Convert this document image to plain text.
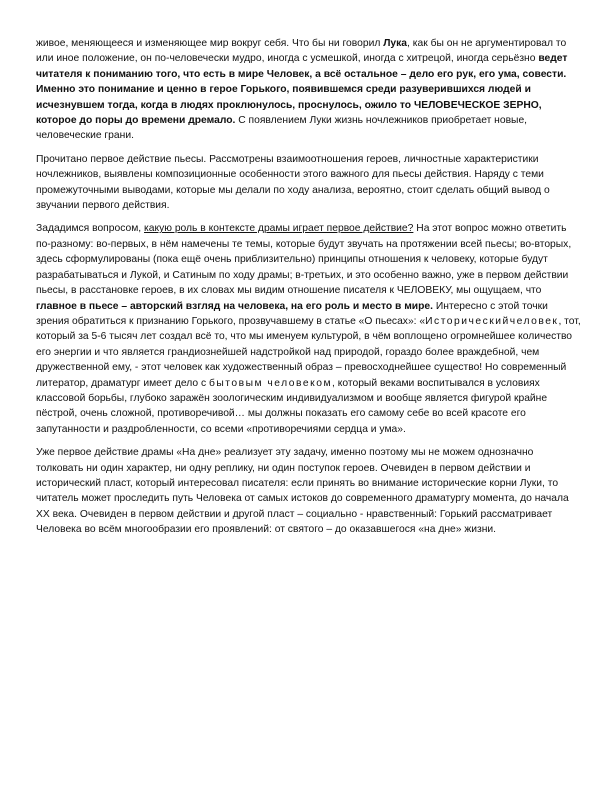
живое, меняющееся и изменяющее мир вокруг себя. Что бы ни говорил Лука, как бы он не аргументировал то или иное положение, он по-человечески мудро, иногда с усмешкой, иногда с хитрецой, иногда серьёзно ведет читателя к пониманию того, что есть в мире Человек, а всё остальное – дело его рук, его ума, совести. Именно это понимание и ценно в герое Горького, появившемся среди разуверившихся людей и исчезнувшем тогда, когда в людях проклюнулось, проснулось, ожило то ЧЕЛОВЕЧЕСКОЕ ЗЕРНО, которое до поры до времени дремало. С появлением Луки жизнь ночлежников приобретает новые, человеческие грани.

Прочитано первое действие пьесы. Рассмотрены взаимоотношения героев, личностные характеристики ночлежников, выявлены композиционные особенности этого важного для пьесы действия. Наряду с теми промежуточными выводами, которые мы делали по ходу анализа, вероятно, стоит сделать общий вывод о звучании первого действия.

Зададимся вопросом, какую роль в контексте драмы играет первое действие? На этот вопрос можно ответить по-разному: во-первых, в нём намечены те темы, которые будут звучать на протяжении всей пьесы; во-вторых, здесь сформулированы (пока ещё очень приблизительно) принципы отношения к человеку, которые будут разрабатываться и Лукой, и Сатиным по ходу драмы; в-третьих, и это особенно важно, уже в первом действии пьесы, в расстановке героев, в их словах мы видим отношение писателя к ЧЕЛОВЕКУ, мы ощущаем, что главное в пьесе – авторский взгляд на человека, на его роль и место в мире. Интересно с этой точки зрения обратиться к признанию Горького, прозвучавшему в статье «О пьесах»: «Историческийчеловек, тот, который за 5-6 тысяч лет создал всё то, что мы именуем культурой, в чём воплощено огромнейшее количество его энергии и что является грандиознейшей надстройкой над природой, гораздо более враждебной, чем дружественной ему, - этот человек как художественный образ – превосходнейшее существо! Но современный литератор, драматург имеет дело с бытовым человеком, который веками воспитывался в условиях классовой борьбы, глубоко заражён зоологическим индивидуализмом и вообще является фигурой крайне пёстрой, очень сложной, противоречивой… мы должны показать его самому себе во всей красоте его запутанности и раздробленности, со всеми «противоречиями сердца и ума».

Уже первое действие драмы «На дне» реализует эту задачу, именно поэтому мы не можем однозначно толковать ни один характер, ни одну реплику, ни один поступок героев. Очевиден в первом действии и исторический пласт, который интересовал писателя: если принять во внимание исторические корни Луки, то читатель может проследить путь Человека от самых истоков до современного драматургу момента, до начала ХХ века. Очевиден в первом действии и другой пласт – социально - нравственный: Горький рассматривает Человека во всём многообразии его проявлений: от святого – до оказавшегося «на дне» жизни.
